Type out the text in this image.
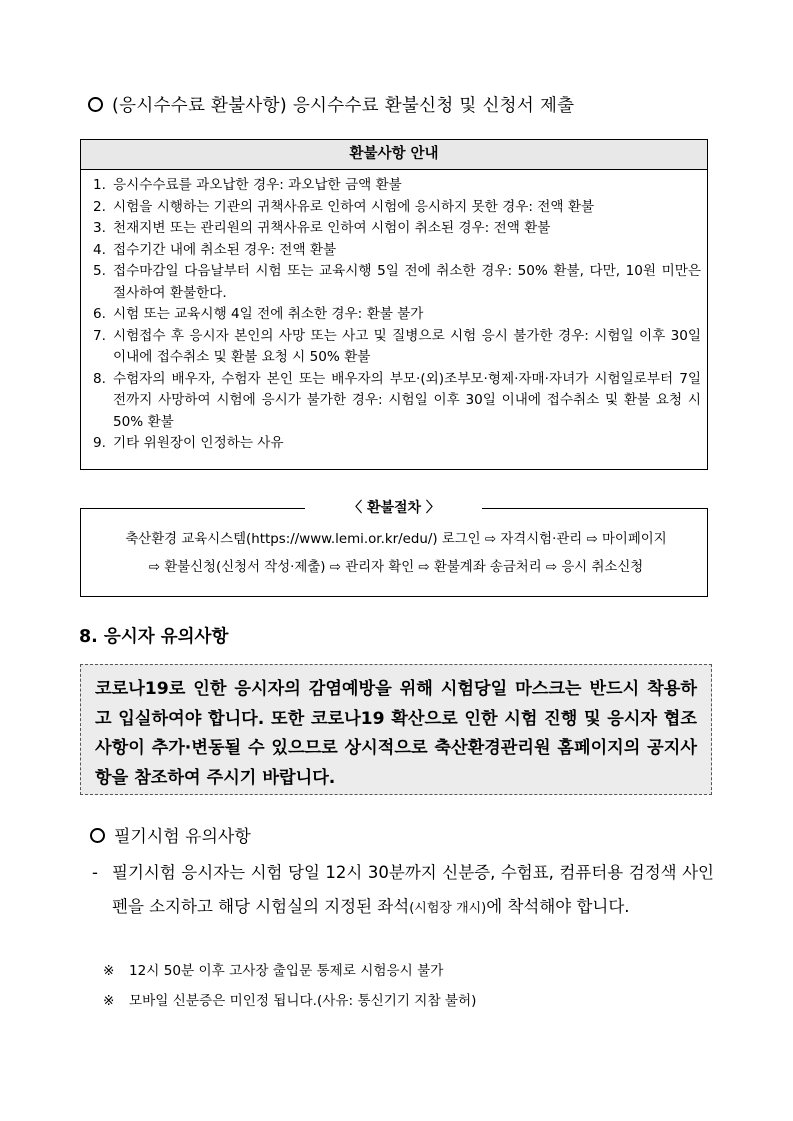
(응시수수료 환불사항) 응시수수료 환불신청 및 신청서 제출
환불사항 안내
1. 응시수수료를 과오납한 경우: 과오납한 금액 환불
2. 시험을 시행하는 기관의 귀책사유로 인하여 시험에 응시하지 못한 경우: 전액 환불
3. 천재지변 또는 관리원의 귀책사유로 인하여 시험이 취소된 경우: 전액 환불
4. 접수기간 내에 취소된 경우: 전액 환불
5. 접수마감일 다음날부터 시험 또는 교육시행 5일 전에 취소한 경우: 50% 환불, 다만, 10원 미만은 절사하여 환불한다.
6. 시험 또는 교육시행 4일 전에 취소한 경우: 환불 불가
7. 시험접수 후 응시자 본인의 사망 또는 사고 및 질병으로 시험 응시 불가한 경우: 시험일 이후 30일 이내에 접수취소 및 환불 요청 시 50% 환불
8. 수험자의 배우자, 수험자 본인 또는 배우자의 부모·(외)조부모·형제·자매·자녀가 시험일로부터 7일 전까지 사망하여 시험에 응시가 불가한 경우: 시험일 이후 30일 이내에 접수취소 및 환불 요청 시 50% 환불
9. 기타 위원장이 인정하는 사유
축산환경 교육시스템(https://www.lemi.or.kr/edu/) 로그인 ⇨ 자격시험·관리 ⇨ 마이페이지
⇨ 환불신청(신청서 작성·제출) ⇨ 관리자 확인 ⇨ 환불계좌 송금처리 ⇨ 응시 취소신청
〈 환불절차 〉
8. 응시자 유의사항
코로나19로 인한 응시자의 감염예방을 위해 시험당일 마스크는 반드시 착용하고 입실하여야 합니다. 또한 코로나19 확산으로 인한 시험 진행 및 응시자 협조사항이 추가·변동될 수 있으므로 상시적으로 축산환경관리원 홈페이지의 공지사항을 참조하여 주시기 바랍니다.
필기시험 유의사항
- 필기시험 응시자는 시험 당일 12시 30분까지 신분증, 수험표, 컴퓨터용 검정색 사인펜을 소지하고 해당 시험실의 지정된 좌석(시험장 개시)에 착석해야 합니다.
※	12시 50분 이후 고사장 출입문 통제로 시험응시 불가
※	모바일 신분증은 미인정 됩니다.(사유: 통신기기 지참 불허)
